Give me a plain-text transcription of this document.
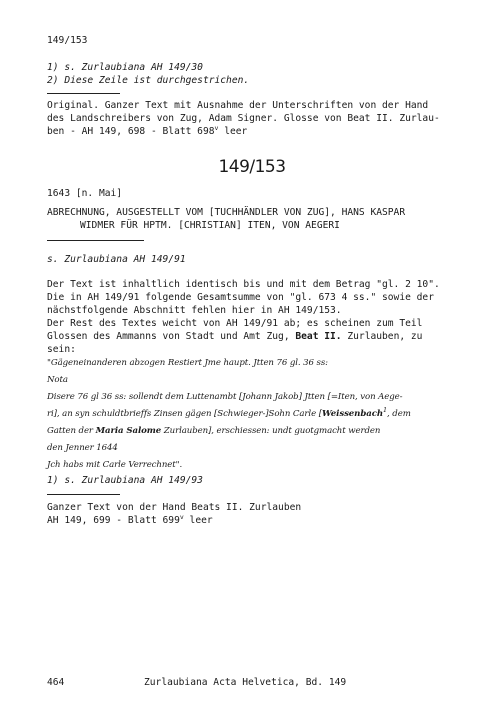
149/153
1) s. Zurlaubiana AH 149/30
2) Diese Zeile ist durchgestrichen.

Original. Ganzer Text mit Ausnahme der Unterschriften von der Hand

des Landschreibers von Zug, Adam Signer. Glosse von Beat II. Zurlau-

ben - AH 149, 698 - Blatt 698$^v$ leer

149/153
1643 [n. Mai]

ABRECHNUNG, AUSGESTELLT VOM [TUCHHÄNDLER VON ZUG], HANS KASPAR

WIDMER FÜR HPTM. [CHRISTIAN] ITEN, VON AEGERI

s. Zurlaubiana AH 149/91

Der Text ist inhaltlich identisch bis und mit dem Betrag "gl. 2 10".

Die in AH 149/91 folgende Gesamtsumme von "gl. 673 4 ss." sowie der

nächstfolgende Abschnitt fehlen hier in AH 149/153.

Der Rest des Textes weicht von AH 149/91 ab; es scheinen zum Teil

Glossen des Ammanns von Stadt und Amt Zug, Beat II. Zurlauben, zu

sein:

"Gägeneinanderen abzogen Restiert Jme haupt. Jtten 76 gl. 36 ss:

Nota

Disere 76 gl 36 ss: sollendt dem Luttenambt [Johann Jakob] Jtten [=Iten, von Aege-

ri], an syn schuldtbrieffs Zinsen gägen [Schwieger-]Sohn Carle [Weissenbach$^1$, dem

Gatten der Maria Salome Zurlauben], erschiessen: undt guotgmacht werden

den Jenner 1644

Jch habs mit Carle Verrechnet".

1) s. Zurlaubiana AH 149/93

Ganzer Text von der Hand Beats II. Zurlauben

AH 149, 699 - Blatt 699$^v$ leer

464	Zurlaubiana Acta Helvetica, Bd. 149
